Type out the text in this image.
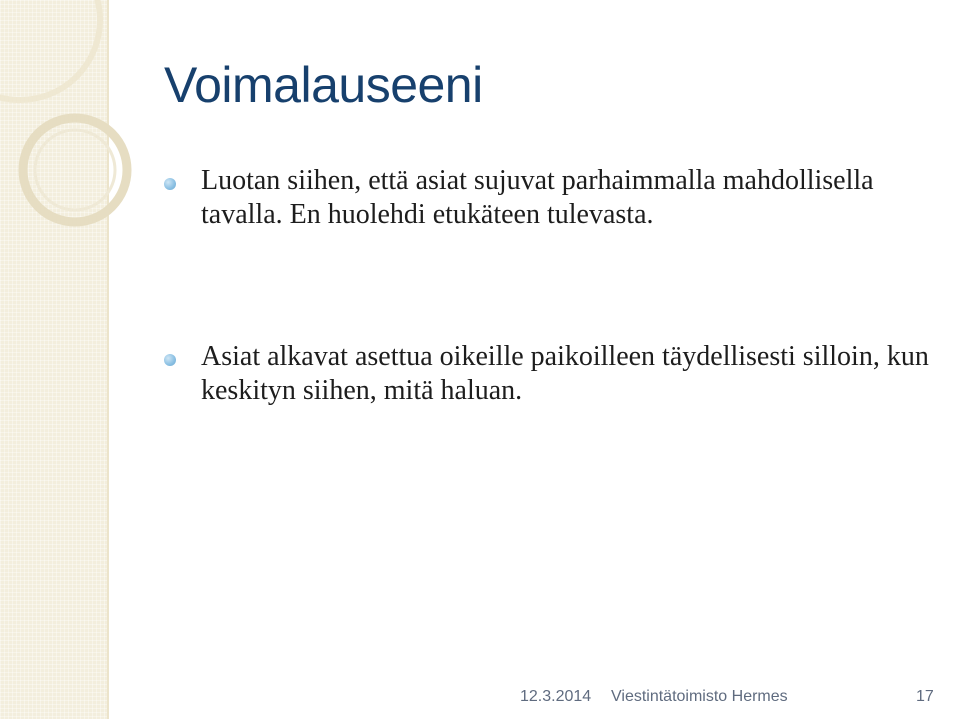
Voimalauseeni
Luotan siihen, että asiat sujuvat parhaimmalla mahdollisella tavalla. En huolehdi etukäteen tulevasta.
Asiat alkavat asettua oikeille paikoilleen täydellisesti silloin, kun keskityn siihen, mitä haluan.
12.3.2014 Viestintätoimisto Hermes	17
